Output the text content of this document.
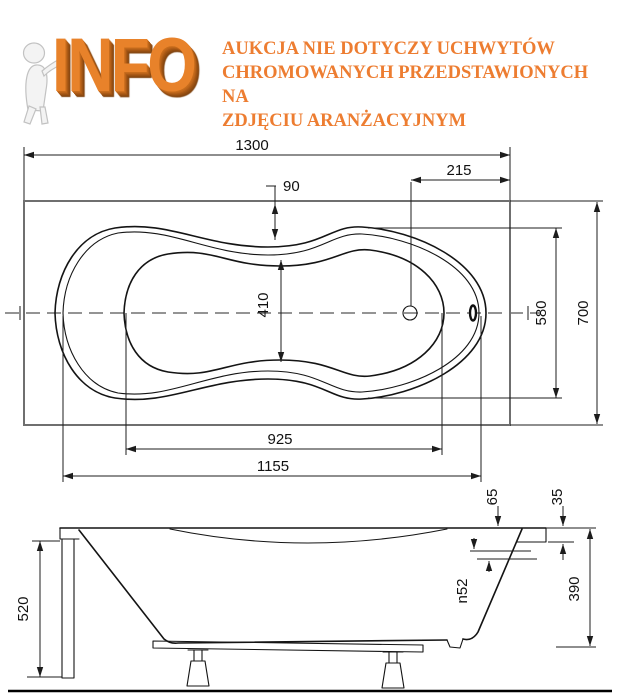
INFO AUKCJA NIE DOTYCZY UCHWYTÓW
CHROMOWANYCH PRZEDSTAWIONYCH NA
ZDJĘCIU ARANŻACYJNYM
1300
215
90
410	580 700
925
1155
520
65	35
n52	390
